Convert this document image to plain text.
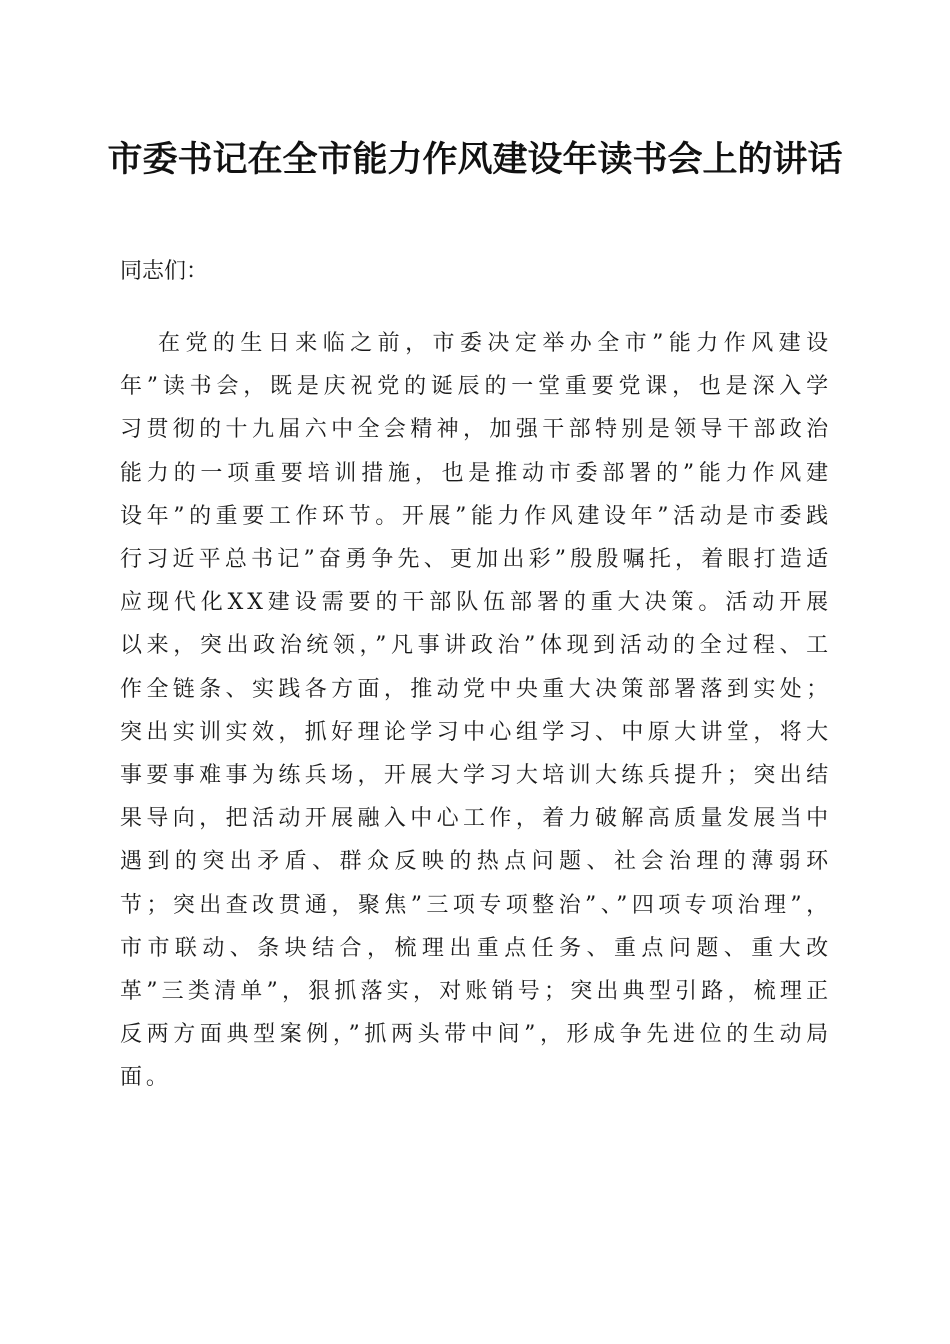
市委书记在全市能力作风建设年读书会上的讲话

同志们：

在党的生日来临之前，市委决定举办全市”能力作风建设年”读书会，既是庆祝党的诞辰的一堂重要党课，也是深入学习贯彻的十九届六中全会精神，加强干部特别是领导干部政治能力的一项重要培训措施，也是推动市委部署的”能力作风建设年”的重要工作环节。开展”能力作风建设年”活动是市委践行习近平总书记”奋勇争先、更加出彩”殷殷嘱托，着眼打造适应现代化XX建设需要的干部队伍部署的重大决策。活动开展以来，突出政治统领，”凡事讲政治”体现到活动的全过程、工作全链条、实践各方面，推动党中央重大决策部署落到实处；突出实训实效，抓好理论学习中心组学习、中原大讲堂，将大事要事难事为练兵场，开展大学习大培训大练兵提升；突出结果导向，把活动开展融入中心工作，着力破解高质量发展当中遇到的突出矛盾、群众反映的热点问题、社会治理的薄弱环节；突出查改贯通，聚焦”三项专项整治”、”四项专项治理”，市市联动、条块结合，梳理出重点任务、重点问题、重大改革”三类清单”，狠抓落实，对账销号；突出典型引路，梳理正反两方面典型案例，”抓两头带中间”，形成争先进位的生动局面。
